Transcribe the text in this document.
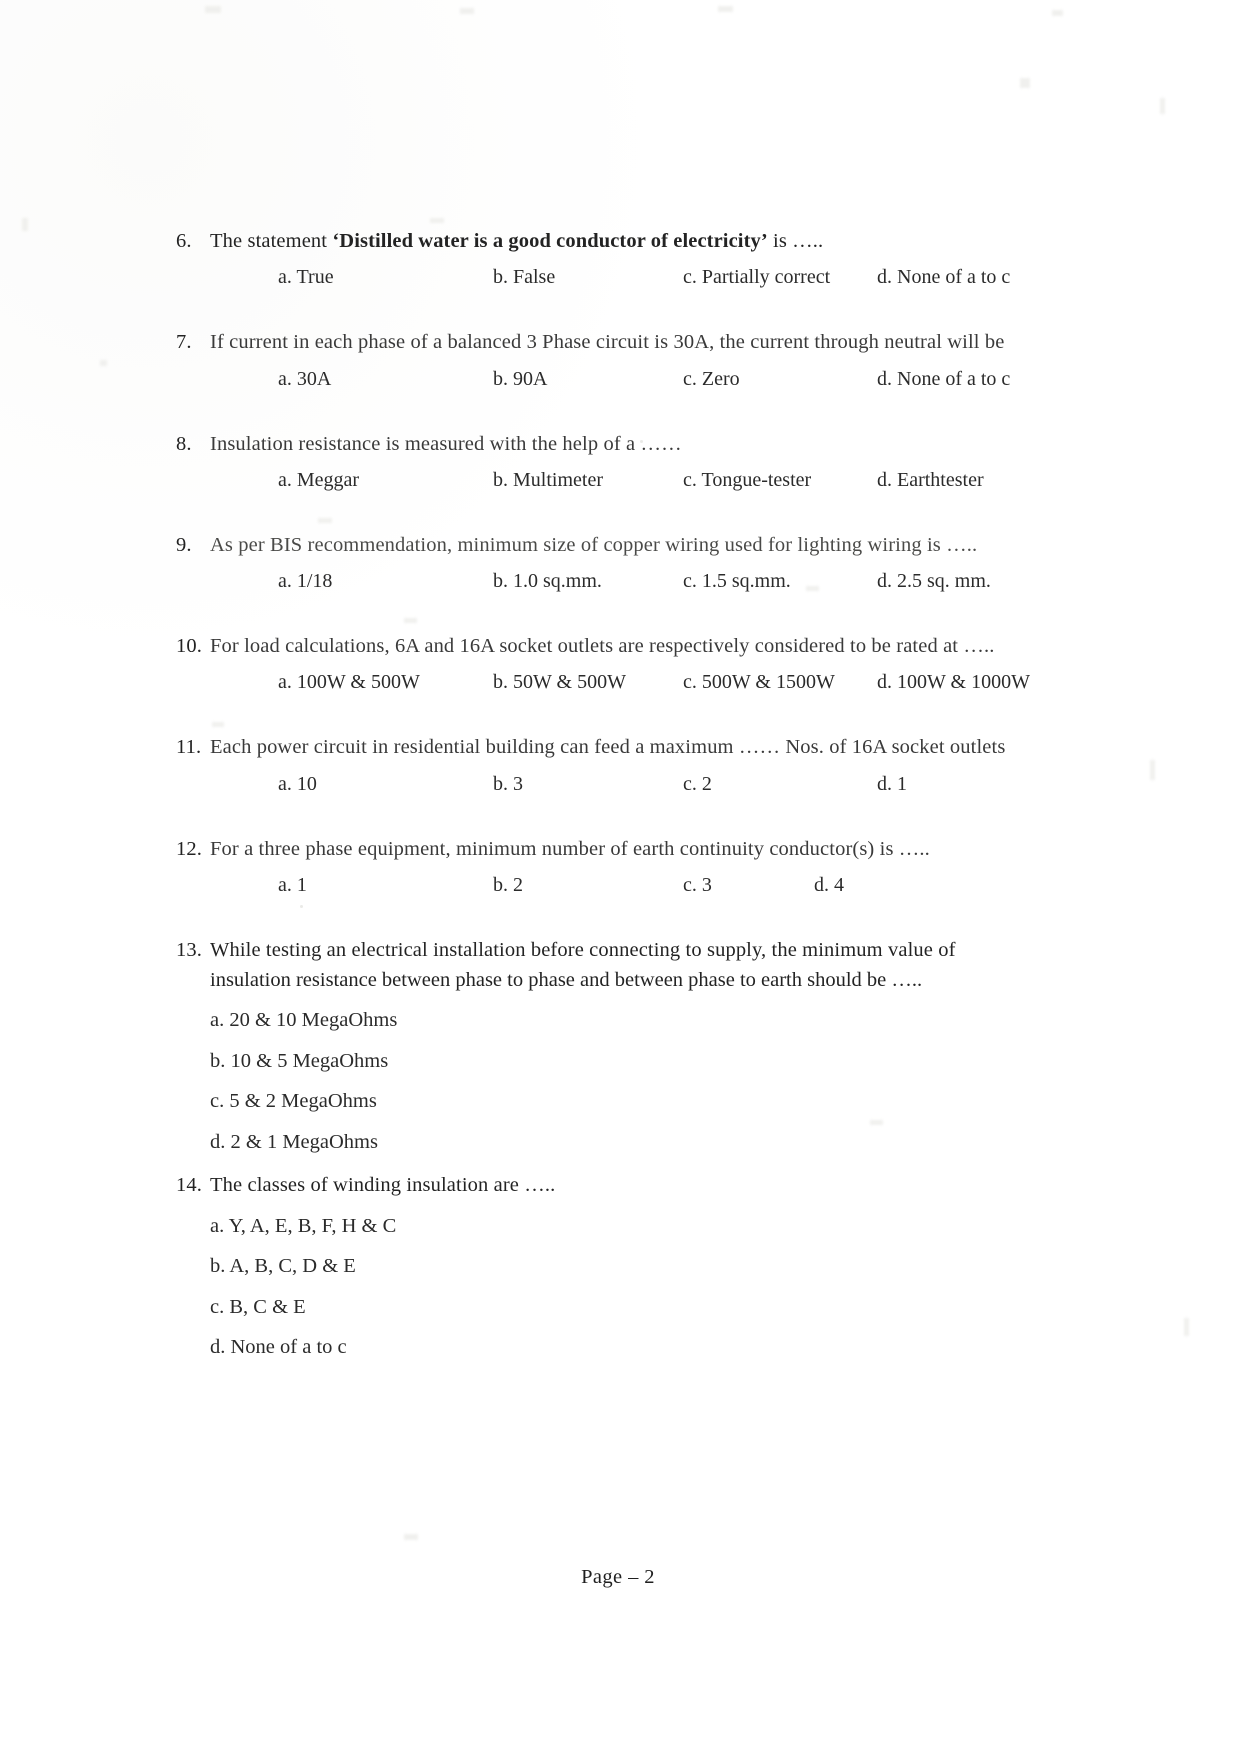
6. The statement ‘Distilled water is a good conductor of electricity’ is …..
a. True	b. False	c. Partially correct d. None of a to c
7. If current in each phase of a balanced 3 Phase circuit is 30A, the current through neutral will be
a. 30A	b. 90A	c. Zero	d. None of a to c
8. Insulation resistance is measured with the help of a ……
a. Meggar	b. Multimeter	c. Tongue-tester	d. Earthtester
9. As per BIS recommendation, minimum size of copper wiring used for lighting wiring is …..
a. 1/18	b. 1.0 sq.mm.	c. 1.5 sq.mm.	d. 2.5 sq. mm.
10. For load calculations, 6A and 16A socket outlets are respectively considered to be rated at …..
a. 100W & 500W	b. 50W & 500W	c. 500W & 1500W d. 100W & 1000W
11. Each power circuit in residential building can feed a maximum …… Nos. of 16A socket outlets
a. 10	b. 3	c. 2	d. 1
12. For a three phase equipment, minimum number of earth continuity conductor(s) is …..
a. 1	b. 2	c. 3	d. 4
13. While testing an electrical installation before connecting to supply, the minimum value of
insulation resistance between phase to phase and between phase to earth should be …..
a. 20 & 10 MegaOhms
b. 10 & 5 MegaOhms
c. 5 & 2 MegaOhms
d. 2 & 1 MegaOhms
14. The classes of winding insulation are …..
a. Y, A, E, B, F, H & C
b. A, B, C, D & E
c. B, C & E
d. None of a to c
Page – 2
